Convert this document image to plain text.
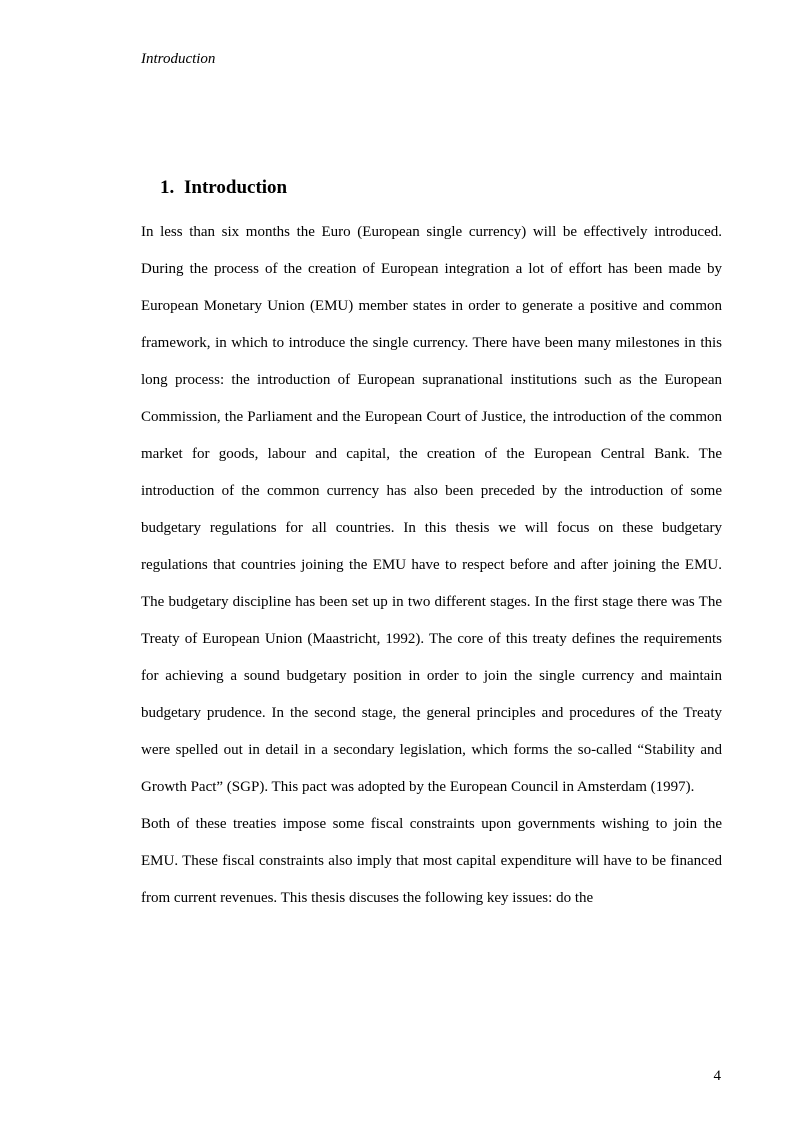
Introduction
1. Introduction

In less than six months the Euro (European single currency) will be effectively introduced. During the process of the creation of European integration a lot of effort has been made by European Monetary Union (EMU) member states in order to generate a positive and common framework, in which to introduce the single currency. There have been many milestones in this long process: the introduction of European supranational institutions such as the European Commission, the Parliament and the European Court of Justice, the introduction of the common market for goods, labour and capital, the creation of the European Central Bank. The introduction of the common currency has also been preceded by the introduction of some budgetary regulations for all countries. In this thesis we will focus on these budgetary regulations that countries joining the EMU have to respect before and after joining the EMU. The budgetary discipline has been set up in two different stages. In the first stage there was The Treaty of European Union (Maastricht, 1992). The core of this treaty defines the requirements for achieving a sound budgetary position in order to join the single currency and maintain budgetary prudence. In the second stage, the general principles and procedures of the Treaty were spelled out in detail in a secondary legislation, which forms the so-called “Stability and Growth Pact” (SGP). This pact was adopted by the European Council in Amsterdam (1997).

Both of these treaties impose some fiscal constraints upon governments wishing to join the EMU. These fiscal constraints also imply that most capital expenditure will have to be financed from current revenues. This thesis discuses the following key issues: do the

4
